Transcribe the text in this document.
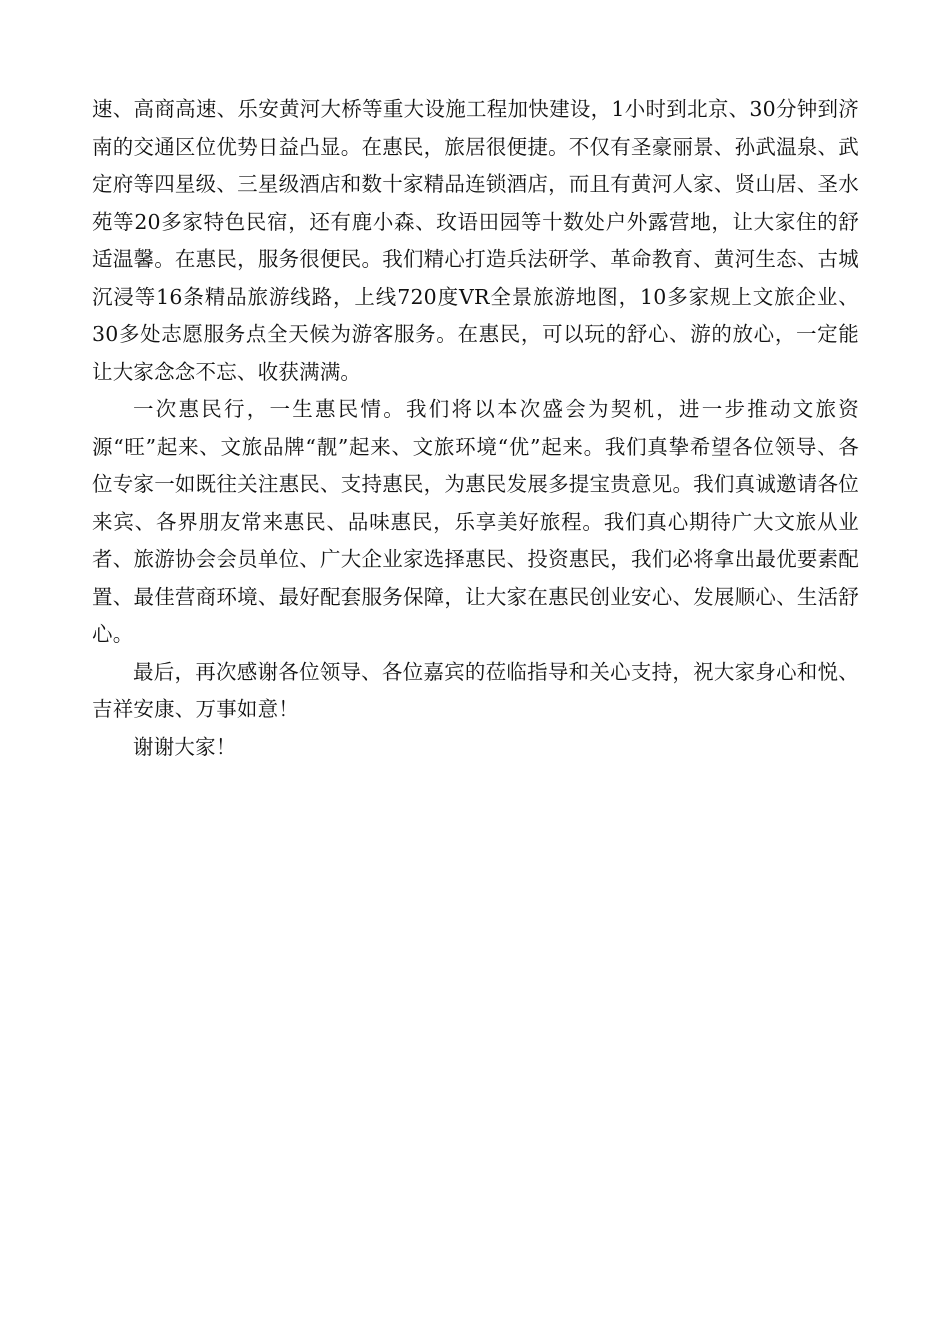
速、高商高速、乐安黄河大桥等重大设施工程加快建设，1小时到北京、30分钟到济南的交通区位优势日益凸显。在惠民，旅居很便捷。不仅有圣豪丽景、孙武温泉、武定府等四星级、三星级酒店和数十家精品连锁酒店，而且有黄河人家、贤山居、圣水苑等20多家特色民宿，还有鹿小森、玫语田园等十数处户外露营地，让大家住的舒适温馨。在惠民，服务很便民。我们精心打造兵法研学、革命教育、黄河生态、古城沉浸等16条精品旅游线路，上线720度VR全景旅游地图，10多家规上文旅企业、30多处志愿服务点全天候为游客服务。在惠民，可以玩的舒心、游的放心，一定能让大家念念不忘、收获满满。

一次惠民行，一生惠民情。我们将以本次盛会为契机，进一步推动文旅资源“旺”起来、文旅品牌“靓”起来、文旅环境“优”起来。我们真挚希望各位领导、各位专家一如既往关注惠民、支持惠民，为惠民发展多提宝贵意见。我们真诚邀请各位来宾、各界朋友常来惠民、品味惠民，乐享美好旅程。我们真心期待广大文旅从业者、旅游协会会员单位、广大企业家选择惠民、投资惠民，我们必将拿出最优要素配置、最佳营商环境、最好配套服务保障，让大家在惠民创业安心、发展顺心、生活舒心。

最后，再次感谢各位领导、各位嘉宾的莅临指导和关心支持，祝大家身心和悦、吉祥安康、万事如意！

谢谢大家！
